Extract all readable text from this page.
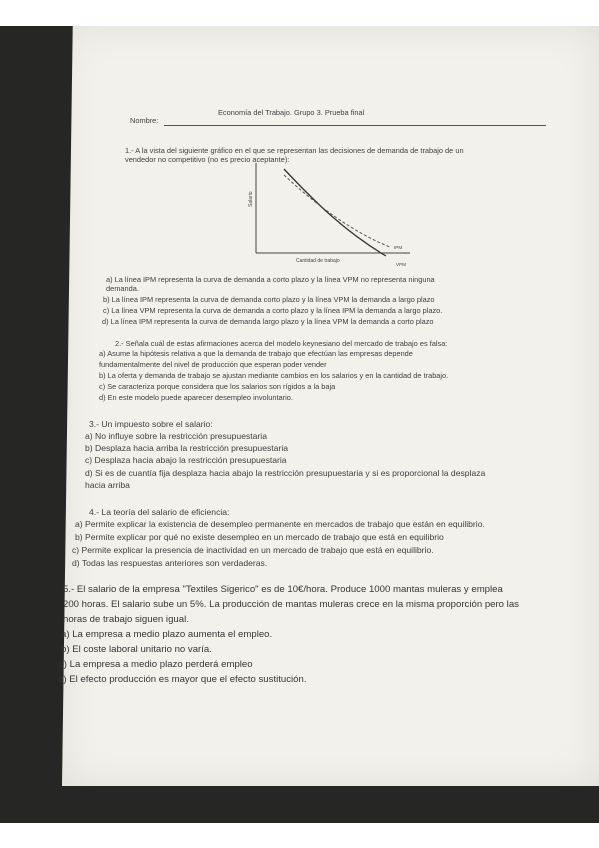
Economía del Trabajo. Grupo 3. Prueba final
Nombre:
1.- A la vista del siguiente gráfico en el que se representan las decisiones de demanda de trabajo de un
vendedor no competitivo (no es precio aceptante):
Salario
Cantidad de trabajo
IPM
VPM
a) La línea IPM representa la curva de demanda a corto plazo y la línea VPM no representa ninguna
demanda.
b) La línea IPM representa la curva de demanda corto plazo y la línea VPM la demanda a largo plazo
c) La línea VPM representa la curva de demanda a corto plazo y la línea IPM la demanda a largo plazo.
d) La línea IPM representa la curva de demanda largo plazo y la línea VPM la demanda a corto plazo
2.- Señala cuál de estas afirmaciones acerca del modelo keynesiano del mercado de trabajo es falsa:
a) Asume la hipótesis relativa a que la demanda de trabajo que efectúan las empresas depende
fundamentalmente del nivel de producción que esperan poder vender
b) La oferta y demanda de trabajo se ajustan mediante cambios en los salarios y en la cantidad de trabajo.
c) Se caracteriza porque considera que los salarios son rígidos a la baja
d) En este modelo puede aparecer desempleo involuntario.
3.- Un impuesto sobre el salario:
a) No influye sobre la restricción presupuestaria
b) Desplaza hacia arriba la restricción presupuestaria
c) Desplaza hacia abajo la restricción presupuestaria
d) Si es de cuantía fija desplaza hacia abajo la restricción presupuestaria y si es proporcional la desplaza
hacia arriba
4.- La teoría del salario de eficiencia:
a) Permite explicar la existencia de desempleo permanente en mercados de trabajo que están en equilibrio.
b) Permite explicar por qué no existe desempleo en un mercado de trabajo que está en equilibrio
c) Permite explicar la presencia de inactividad en un mercado de trabajo que está en equilibrio.
d) Todas las respuestas anteriores son verdaderas.
5.- El salario de la empresa "Textiles Sigerico" es de 10€/hora. Produce 1000 mantas muleras y emplea
200 horas. El salario sube un 5%. La producción de mantas muleras crece en la misma proporción pero las
horas de trabajo siguen igual.
a) La empresa a medio plazo aumenta el empleo.
b) El coste laboral unitario no varía.
c) La empresa a medio plazo perderá empleo
d) El efecto producción es mayor que el efecto sustitución.
